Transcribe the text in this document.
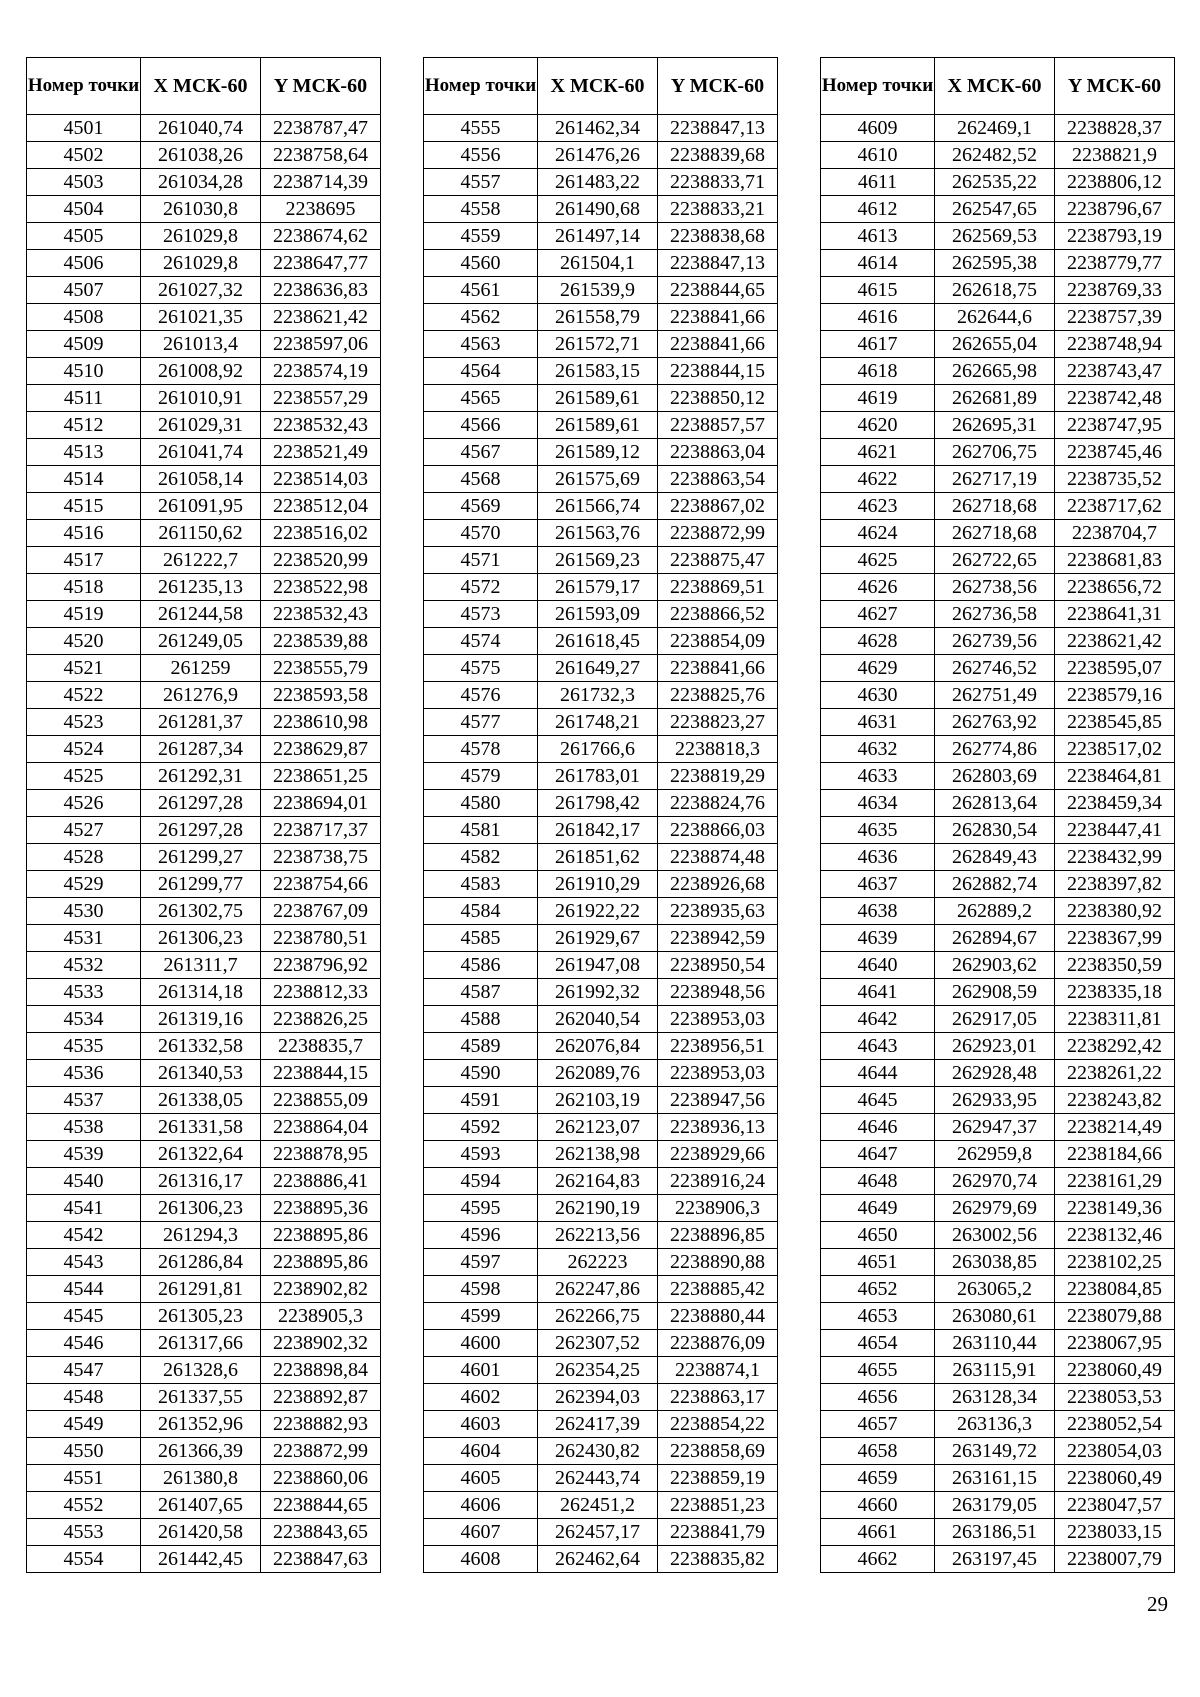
Номер точки	X МСК-60	Y МСК-60
4501	261040,74	2238787,47
4502	261038,26	2238758,64
4503	261034,28	2238714,39
4504	261030,8	2238695
4505	261029,8	2238674,62
4506	261029,8	2238647,77
4507	261027,32	2238636,83
4508	261021,35	2238621,42
4509	261013,4	2238597,06
4510	261008,92	2238574,19
4511	261010,91	2238557,29
4512	261029,31	2238532,43
4513	261041,74	2238521,49
4514	261058,14	2238514,03
4515	261091,95	2238512,04
4516	261150,62	2238516,02
4517	261222,7	2238520,99
4518	261235,13	2238522,98
4519	261244,58	2238532,43
4520	261249,05	2238539,88
4521	261259	2238555,79
4522	261276,9	2238593,58
4523	261281,37	2238610,98
4524	261287,34	2238629,87
4525	261292,31	2238651,25
4526	261297,28	2238694,01
4527	261297,28	2238717,37
4528	261299,27	2238738,75
4529	261299,77	2238754,66
4530	261302,75	2238767,09
4531	261306,23	2238780,51
4532	261311,7	2238796,92
4533	261314,18	2238812,33
4534	261319,16	2238826,25
4535	261332,58	2238835,7
4536	261340,53	2238844,15
4537	261338,05	2238855,09
4538	261331,58	2238864,04
4539	261322,64	2238878,95
4540	261316,17	2238886,41
4541	261306,23	2238895,36
4542	261294,3	2238895,86
4543	261286,84	2238895,86
4544	261291,81	2238902,82
4545	261305,23	2238905,3
4546	261317,66	2238902,32
4547	261328,6	2238898,84
4548	261337,55	2238892,87
4549	261352,96	2238882,93
4550	261366,39	2238872,99
4551	261380,8	2238860,06
4552	261407,65	2238844,65
4553	261420,58	2238843,65
4554	261442,45	2238847,63
Номер точки	X МСК-60	Y МСК-60
4555	261462,34	2238847,13
4556	261476,26	2238839,68
4557	261483,22	2238833,71
4558	261490,68	2238833,21
4559	261497,14	2238838,68
4560	261504,1	2238847,13
4561	261539,9	2238844,65
4562	261558,79	2238841,66
4563	261572,71	2238841,66
4564	261583,15	2238844,15
4565	261589,61	2238850,12
4566	261589,61	2238857,57
4567	261589,12	2238863,04
4568	261575,69	2238863,54
4569	261566,74	2238867,02
4570	261563,76	2238872,99
4571	261569,23	2238875,47
4572	261579,17	2238869,51
4573	261593,09	2238866,52
4574	261618,45	2238854,09
4575	261649,27	2238841,66
4576	261732,3	2238825,76
4577	261748,21	2238823,27
4578	261766,6	2238818,3
4579	261783,01	2238819,29
4580	261798,42	2238824,76
4581	261842,17	2238866,03
4582	261851,62	2238874,48
4583	261910,29	2238926,68
4584	261922,22	2238935,63
4585	261929,67	2238942,59
4586	261947,08	2238950,54
4587	261992,32	2238948,56
4588	262040,54	2238953,03
4589	262076,84	2238956,51
4590	262089,76	2238953,03
4591	262103,19	2238947,56
4592	262123,07	2238936,13
4593	262138,98	2238929,66
4594	262164,83	2238916,24
4595	262190,19	2238906,3
4596	262213,56	2238896,85
4597	262223	2238890,88
4598	262247,86	2238885,42
4599	262266,75	2238880,44
4600	262307,52	2238876,09
4601	262354,25	2238874,1
4602	262394,03	2238863,17
4603	262417,39	2238854,22
4604	262430,82	2238858,69
4605	262443,74	2238859,19
4606	262451,2	2238851,23
4607	262457,17	2238841,79
4608	262462,64	2238835,82
Номер точки	X МСК-60	Y МСК-60
4609	262469,1	2238828,37
4610	262482,52	2238821,9
4611	262535,22	2238806,12
4612	262547,65	2238796,67
4613	262569,53	2238793,19
4614	262595,38	2238779,77
4615	262618,75	2238769,33
4616	262644,6	2238757,39
4617	262655,04	2238748,94
4618	262665,98	2238743,47
4619	262681,89	2238742,48
4620	262695,31	2238747,95
4621	262706,75	2238745,46
4622	262717,19	2238735,52
4623	262718,68	2238717,62
4624	262718,68	2238704,7
4625	262722,65	2238681,83
4626	262738,56	2238656,72
4627	262736,58	2238641,31
4628	262739,56	2238621,42
4629	262746,52	2238595,07
4630	262751,49	2238579,16
4631	262763,92	2238545,85
4632	262774,86	2238517,02
4633	262803,69	2238464,81
4634	262813,64	2238459,34
4635	262830,54	2238447,41
4636	262849,43	2238432,99
4637	262882,74	2238397,82
4638	262889,2	2238380,92
4639	262894,67	2238367,99
4640	262903,62	2238350,59
4641	262908,59	2238335,18
4642	262917,05	2238311,81
4643	262923,01	2238292,42
4644	262928,48	2238261,22
4645	262933,95	2238243,82
4646	262947,37	2238214,49
4647	262959,8	2238184,66
4648	262970,74	2238161,29
4649	262979,69	2238149,36
4650	263002,56	2238132,46
4651	263038,85	2238102,25
4652	263065,2	2238084,85
4653	263080,61	2238079,88
4654	263110,44	2238067,95
4655	263115,91	2238060,49
4656	263128,34	2238053,53
4657	263136,3	2238052,54
4658	263149,72	2238054,03
4659	263161,15	2238060,49
4660	263179,05	2238047,57
4661	263186,51	2238033,15
4662	263197,45	2238007,79
29
